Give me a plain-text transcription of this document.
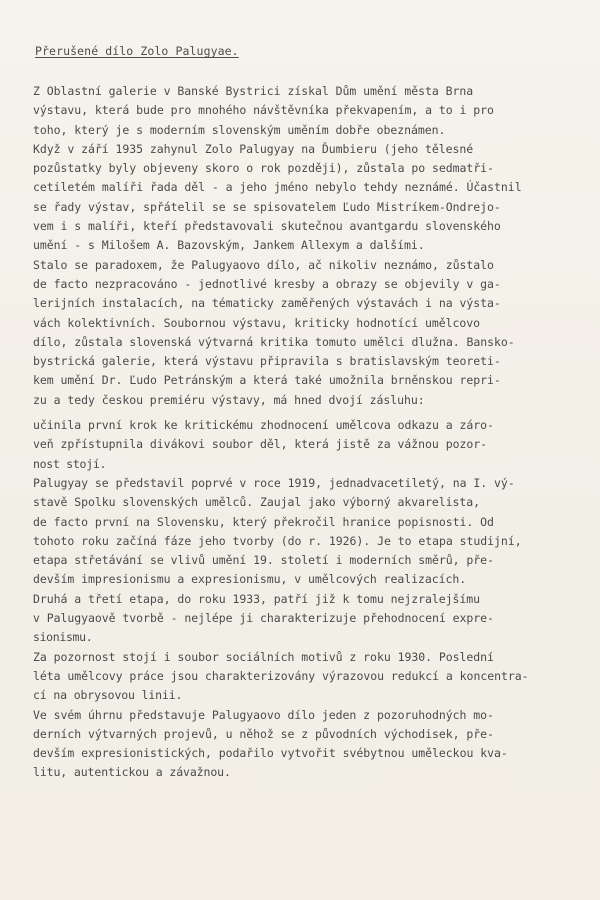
Přerušené dílo Zolo Palugyae.
Z Oblastní galerie v Banské Bystrici získal Dům umění města Brna
výstavu, která bude pro mnohého návštěvníka překvapením, a to i pro
toho, který je s moderním slovenským uměním dobře obeznámen.
Když v září 1935 zahynul Zolo Palugyay na Ďumbieru (jeho tělesné
pozůstatky byly objeveny skoro o rok později), zůstala po sedmatři-
cetiletém malíři řada děl - a jeho jméno nebylo tehdy neznámé. Účastnil
se řady výstav, spřátelil se se spisovatelem Ľudo Mistríkem-Ondrejo-
vem i s malíři, kteří představovali skutečnou avantgardu slovenského
umění - s Milošem A. Bazovským, Jankem Allexym a dalšími.
Stalo se paradoxem, že Palugyaovo dílo, ač nikoliv neznámo, zůstalo
de facto nezpracováno - jednotlivé kresby a obrazy se objevily v ga-
lerijních instalacích, na tématicky zaměřených výstavách i na výsta-
vách kolektivních. Soubornou výstavu, kriticky hodnotící umělcovo
dílo, zůstala slovenská výtvarná kritika tomuto umělci dlužna. Bansko-
bystrická galerie, která výstavu připravila s bratislavským teoreti-
kem umění Dr. Ľudo Petránským a která také umožnila brněnskou repri-
zu a tedy českou premiéru výstavy, má hned dvojí zásluhu:
učinila první krok ke kritickému zhodnocení umělcova odkazu a záro-
veň zpřístupnila divákovi soubor děl, která jistě za vážnou pozor-
nost stojí.
Palugyay se představil poprvé v roce 1919, jednadvacetiletý, na I. vý-
stavě Spolku slovenských umělců. Zaujal jako výborný akvarelista,
de facto první na Slovensku, který překročil hranice popisnosti. Od
tohoto roku začíná fáze jeho tvorby (do r. 1926). Je to etapa studijní,
etapa střetávání se vlivů umění 19. století i moderních směrů, pře-
devším impresionismu a expresionismu, v umělcových realizacích.
Druhá a třetí etapa, do roku 1933, patří již k tomu nejzralejšímu
v Palugyaově tvorbě - nejlépe ji charakterizuje přehodnocení expre-
sionismu.
Za pozornost stojí i soubor sociálních motivů z roku 1930. Poslední
léta umělcovy práce jsou charakterizovány výrazovou redukcí a koncentra-
cí na obrysovou linii.
Ve svém úhrnu představuje Palugyaovo dílo jeden z pozoruhodných mo-
derních výtvarných projevů, u něhož se z původních východisek, pře-
devším expresionistických, podařilo vytvořit svébytnou uměleckou kva-
litu, autentickou a závažnou.
